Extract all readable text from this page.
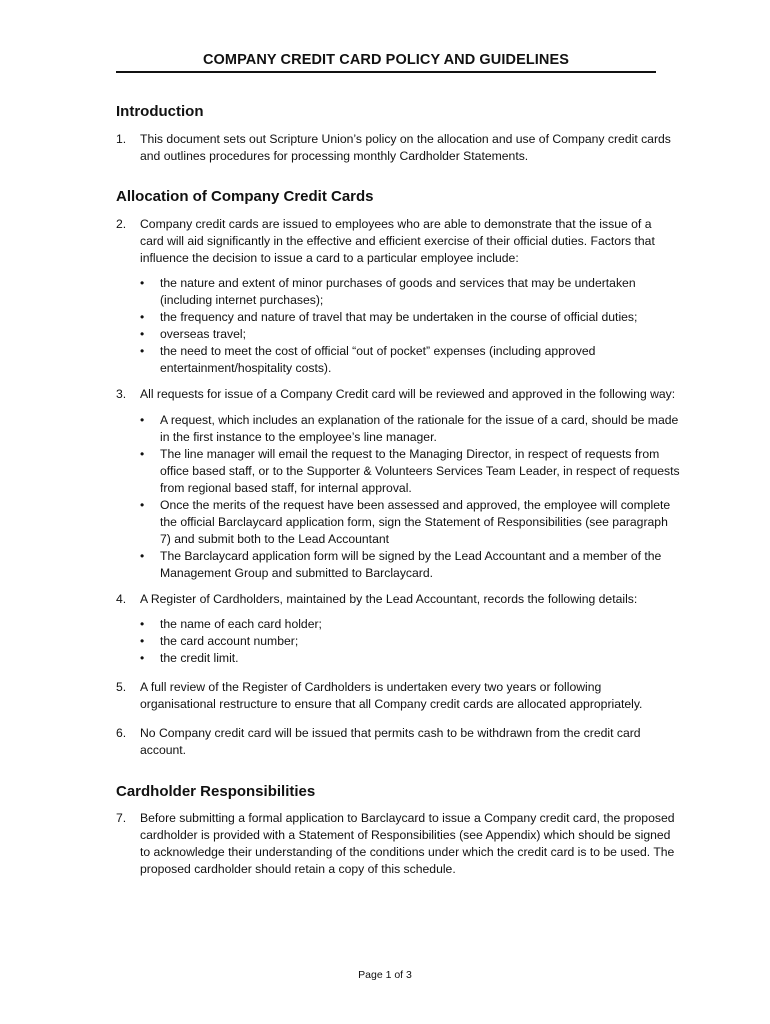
COMPANY CREDIT CARD POLICY AND GUIDELINES
Introduction
1. This document sets out Scripture Union’s policy on the allocation and use of Company credit cards and outlines procedures for processing monthly Cardholder Statements.
Allocation of Company Credit Cards
2. Company credit cards are issued to employees who are able to demonstrate that the issue of a card will aid significantly in the effective and efficient exercise of their official duties. Factors that influence the decision to issue a card to a particular employee include:
• the nature and extent of minor purchases of goods and services that may be undertaken (including internet purchases);
• the frequency and nature of travel that may be undertaken in the course of official duties;
• overseas travel;
• the need to meet the cost of official “out of pocket” expenses (including approved entertainment/hospitality costs).
3. All requests for issue of a Company Credit card will be reviewed and approved in the following way:
• A request, which includes an explanation of the rationale for the issue of a card, should be made in the first instance to the employee’s line manager.
• The line manager will email the request to the Managing Director, in respect of requests from office based staff, or to the Supporter & Volunteers Services Team Leader, in respect of requests from regional based staff, for internal approval.
• Once the merits of the request have been assessed and approved, the employee will complete the official Barclaycard application form, sign the Statement of Responsibilities (see paragraph 7) and submit both to the Lead Accountant
• The Barclaycard application form will be signed by the Lead Accountant and a member of the Management Group and submitted to Barclaycard.
4. A Register of Cardholders, maintained by the Lead Accountant, records the following details:
• the name of each card holder;
• the card account number;
• the credit limit.
5. A full review of the Register of Cardholders is undertaken every two years or following organisational restructure to ensure that all Company credit cards are allocated appropriately.
6. No Company credit card will be issued that permits cash to be withdrawn from the credit card account.
Cardholder Responsibilities
7. Before submitting a formal application to Barclaycard to issue a Company credit card, the proposed cardholder is provided with a Statement of Responsibilities (see Appendix) which should be signed to acknowledge their understanding of the conditions under which the credit card is to be used. The proposed cardholder should retain a copy of this schedule.
Page 1 of 3
